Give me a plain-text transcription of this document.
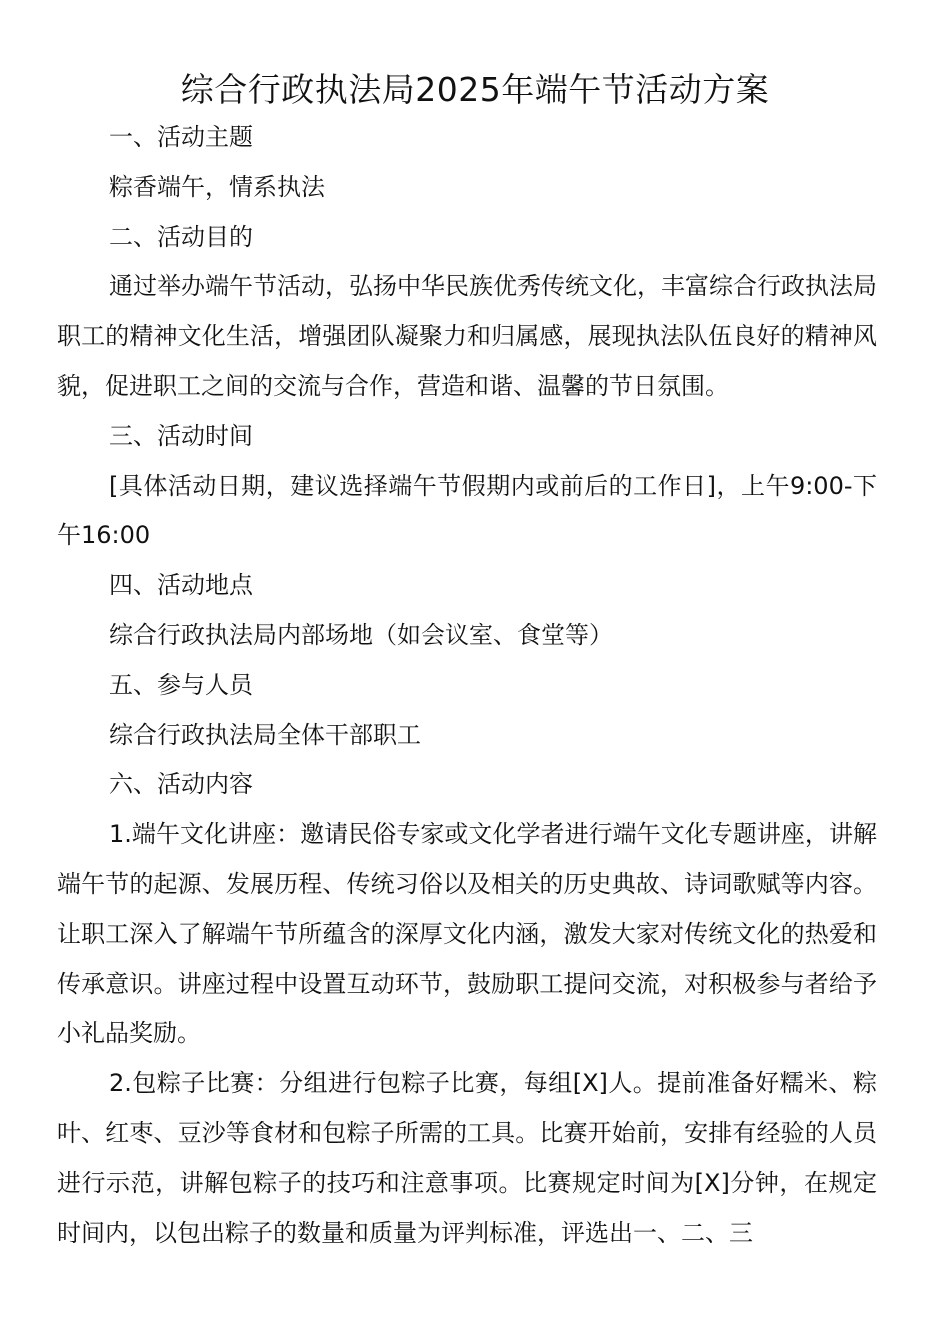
综合行政执法局2025年端午节活动方案

一、活动主题

粽香端午，情系执法

二、活动目的

通过举办端午节活动，弘扬中华民族优秀传统文化，丰富综合行政执法局职工的精神文化生活，增强团队凝聚力和归属感，展现执法队伍良好的精神风貌，促进职工之间的交流与合作，营造和谐、温馨的节日氛围。

三、活动时间

[具体活动日期，建议选择端午节假期内或前后的工作日]，上午9:00-下午16:00

四、活动地点

综合行政执法局内部场地（如会议室、食堂等）

五、参与人员

综合行政执法局全体干部职工

六、活动内容

1.端午文化讲座：邀请民俗专家或文化学者进行端午文化专题讲座，讲解端午节的起源、发展历程、传统习俗以及相关的历史典故、诗词歌赋等内容。让职工深入了解端午节所蕴含的深厚文化内涵，激发大家对传统文化的热爱和传承意识。讲座过程中设置互动环节，鼓励职工提问交流，对积极参与者给予小礼品奖励。

2.包粽子比赛：分组进行包粽子比赛，每组[X]人。提前准备好糯米、粽叶、红枣、豆沙等食材和包粽子所需的工具。比赛开始前，安排有经验的人员进行示范，讲解包粽子的技巧和注意事项。比赛规定时间为[X]分钟，在规定时间内，以包出粽子的数量和质量为评判标准，评选出一、二、三
